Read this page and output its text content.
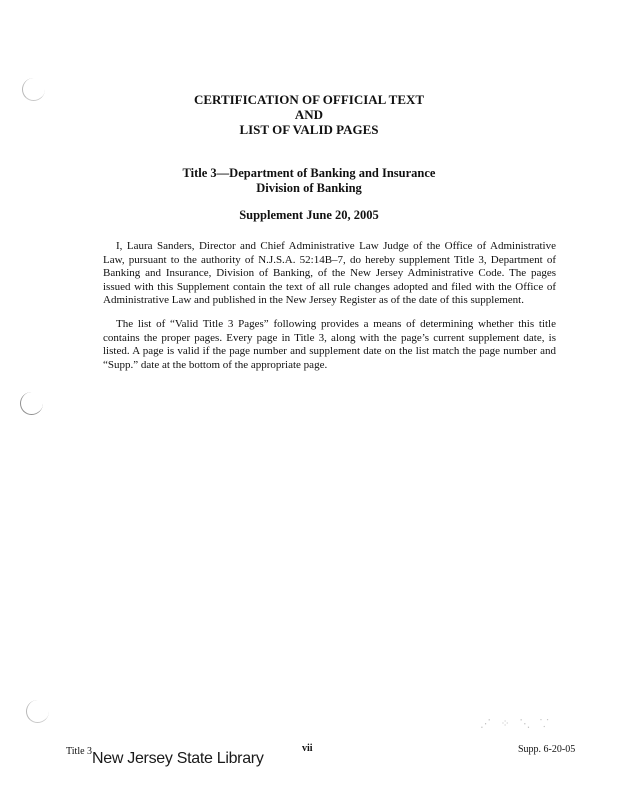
CERTIFICATION OF OFFICIAL TEXT
AND
LIST OF VALID PAGES
Title 3—Department of Banking and Insurance
Division of Banking
Supplement June 20, 2005

I, Laura Sanders, Director and Chief Administrative Law Judge of the Office of Administrative Law, pursuant to the authority of N.J.S.A. 52:14B–7, do hereby supplement Title 3, Department of Banking and Insurance, Division of Banking, of the New Jersey Administrative Code. The pages issued with this Supplement contain the text of all rule changes adopted and filed with the Office of Administrative Law and published in the New Jersey Register as of the date of this supplement.

The list of “Valid Title 3 Pages” following provides a means of determining whether this title contains the proper pages. Every page in Title 3, along with the page’s current supplement date, is listed. A page is valid if the page number and supplement date on the list match the page number and “Supp.” date at the bottom of the appropriate page.

⋰ ⁘ ⋱ ⸪
Title 3 New Jersey State Library
vii	Supp. 6-20-05
